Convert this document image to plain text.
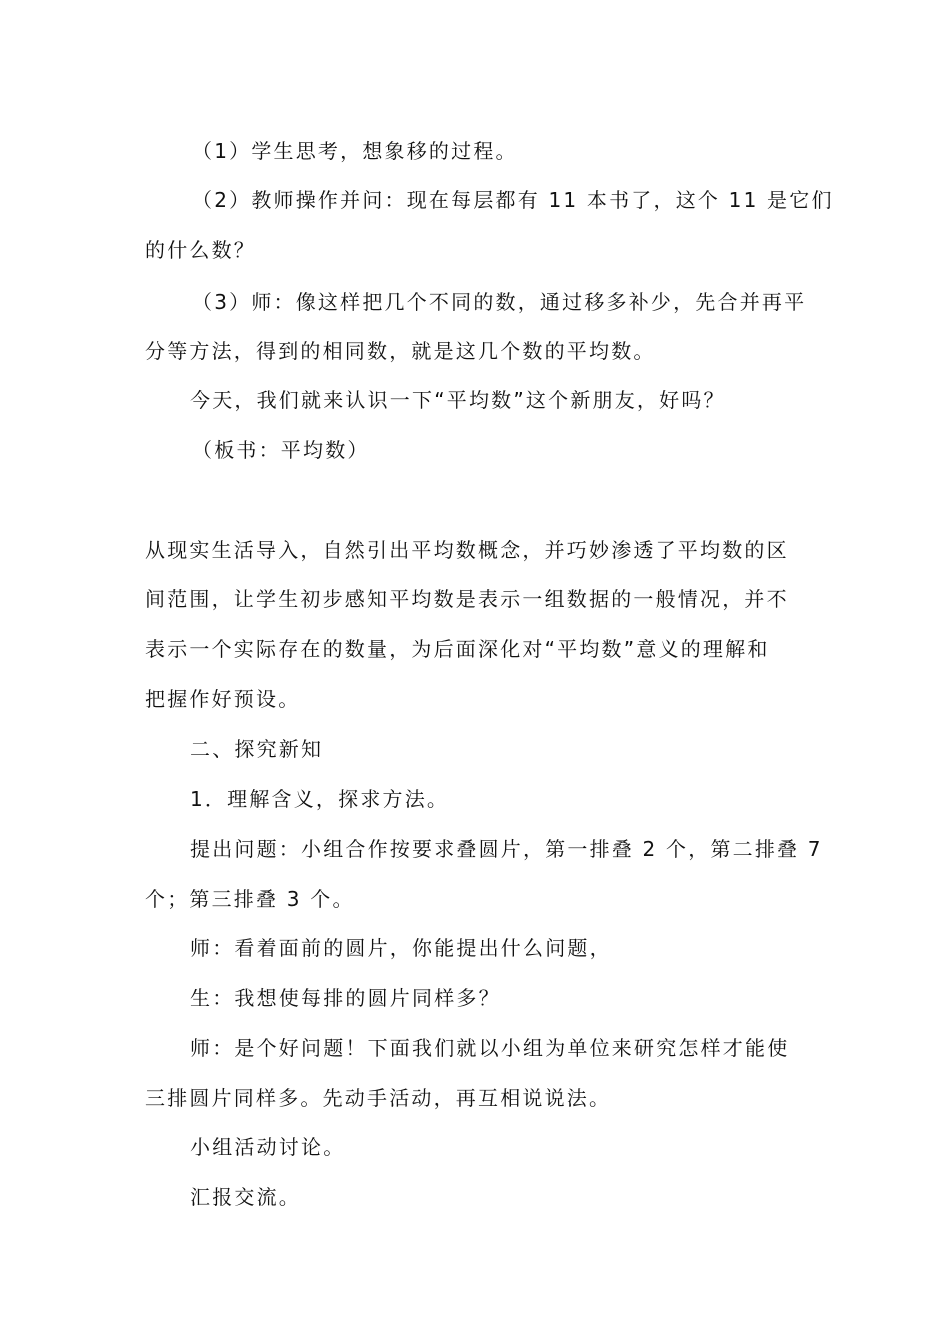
（1）学生思考，想象移的过程。
（2）教师操作并问：现在每层都有 11 本书了，这个 11 是它们
的什么数？
（3）师：像这样把几个不同的数，通过移多补少，先合并再平
分等方法，得到的相同数，就是这几个数的平均数。
今天，我们就来认识一下“平均数”这个新朋友，好吗？
（板书：平均数）
从现实生活导入，自然引出平均数概念，并巧妙渗透了平均数的区
间范围，让学生初步感知平均数是表示一组数据的一般情况，并不
表示一个实际存在的数量，为后面深化对“平均数”意义的理解和
把握作好预设。
二、探究新知
1．理解含义，探求方法。
提出问题：小组合作按要求叠圆片，第一排叠 2 个，第二排叠 7
个；第三排叠 3 个。
师：看着面前的圆片，你能提出什么问题，
生：我想使每排的圆片同样多？
师：是个好问题！下面我们就以小组为单位来研究怎样才能使
三排圆片同样多。先动手活动，再互相说说法。
小组活动讨论。
汇报交流。
